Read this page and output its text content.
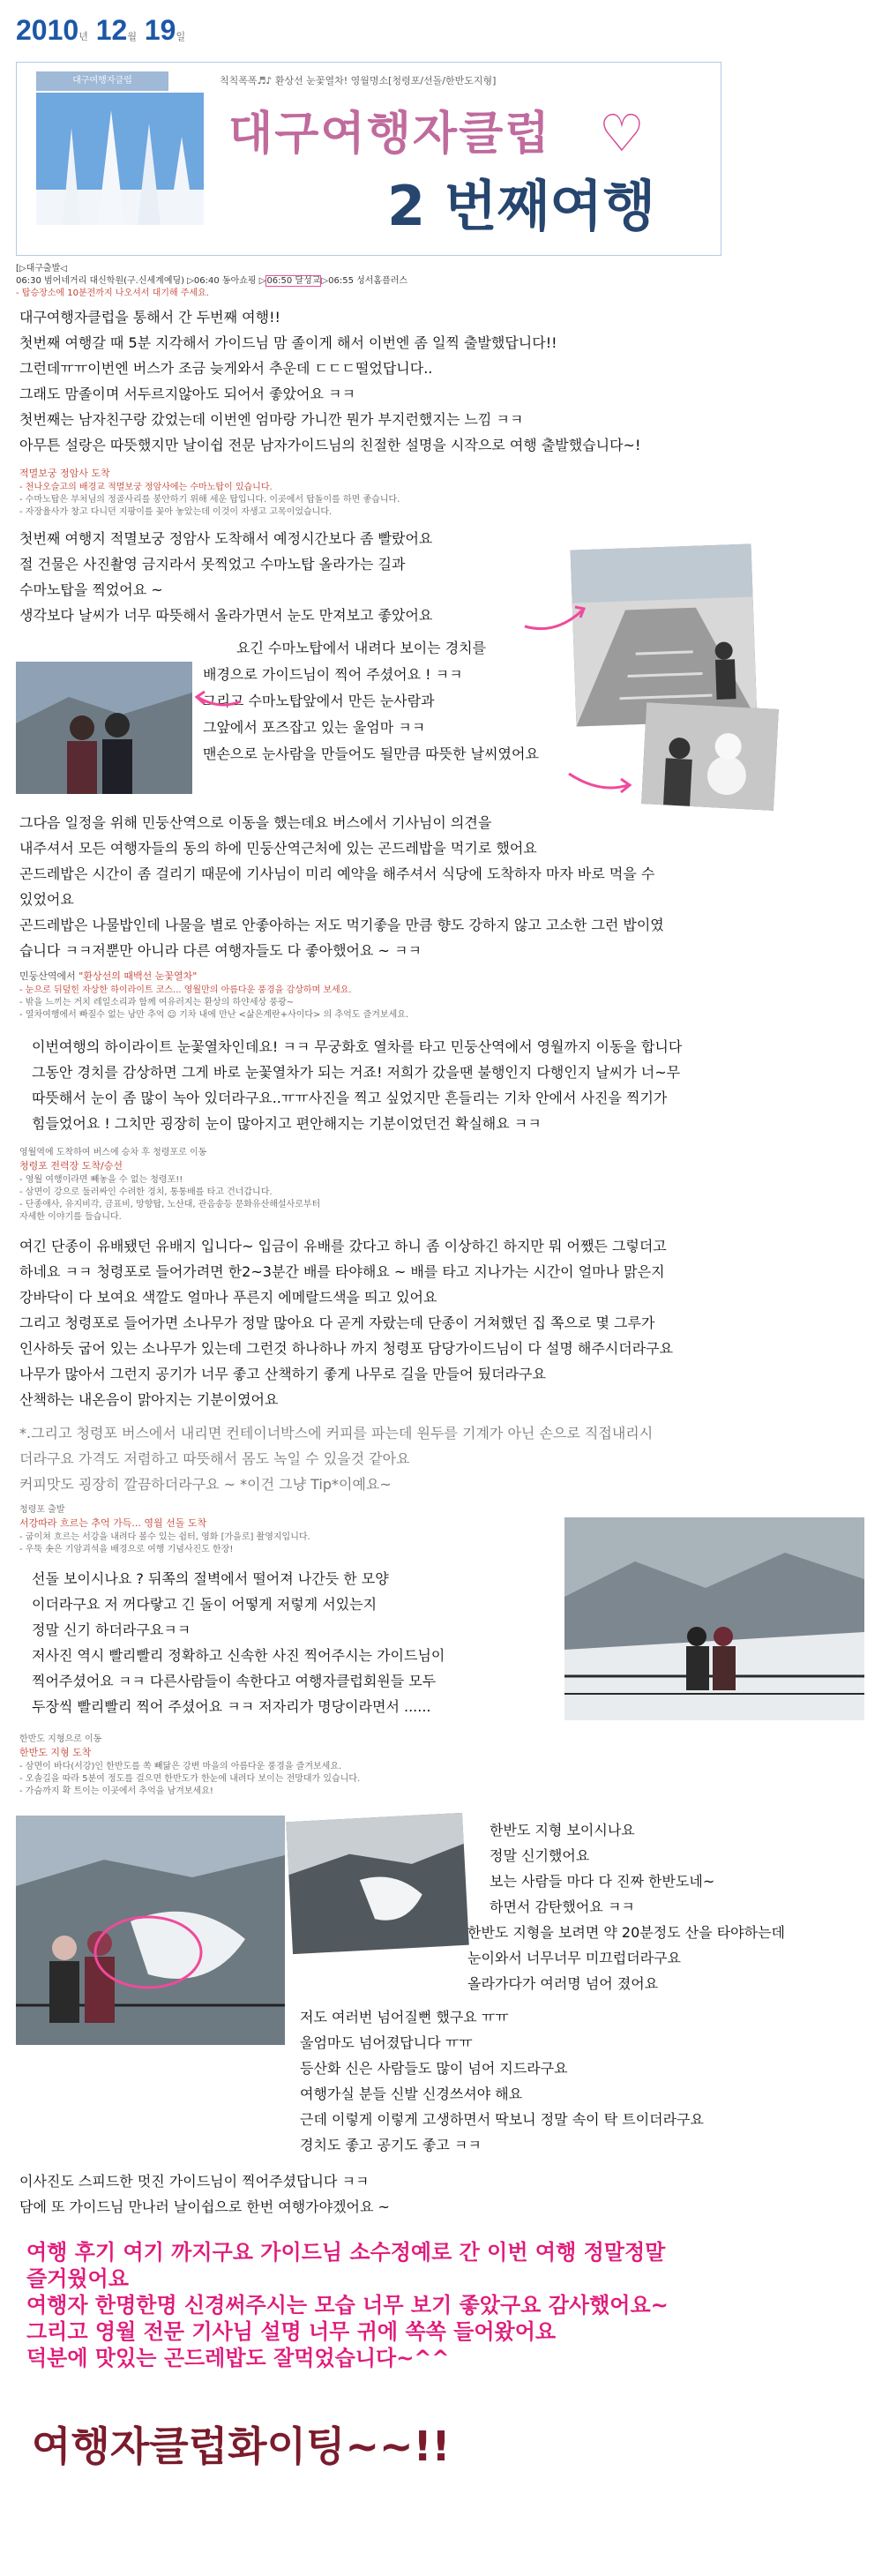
2010년 12월 19일
대구여행자클럽	칙칙폭폭♬♪ 환상선 눈꽃열차! 영월명소[청령포/선돌/한반도지형]
대구여행자클럽 ♡
2 번째여행
[▷대구출발◁
06:30 범어네거리 대신학원(구.신세계예딩) ▷06:40 동아쇼핑 ▷06:50 달성교▷06:55 성서홈플러스
- 탑승장소에 10분전까지 나오셔서 대기해 주세요.
대구여행자클럽을 통해서 간 두번째 여행!!
첫번째 여행갈 때 5분 지각해서 가이드님 맘 졸이게 해서 이번엔 좀 일찍 출발했답니다!!
그런데ㅠㅠ이번엔 버스가 조금 늦게와서 추운데 ㄷㄷㄷ떨었답니다..
그래도 맘졸이며 서두르지않아도 되어서 좋았어요 ㅋㅋ
첫번째는 남자친구랑 갔었는데 이번엔 엄마랑 가니깐 뭔가 부지런했지는 느낌 ㅋㅋ
아무튼 설랑은 따뜻했지만 날이쉽 전문 남자가이드님의 친절한 설명을 시작으로 여행 출발했습니다~!
적멸보궁 정암사 도착
- 천나오슬고의 배경교 적멸보궁 정암사에는 수마노탑이 있습니다.
- 수마노탑은 부처님의 정골사리를 봉안하기 위해 세운 탑입니다. 이곳에서 탑돌이를 하면 좋습니다.
- 자장율사가 창고 다니던 지팡이를 꽂아 놓았는데 이것이 자생고 고목이었습니다.
첫번째 여행지 적멸보궁 정암사 도착해서 예정시간보다 좀 빨랐어요
절 건물은 사진촬영 금지라서 못찍었고 수마노탑 올라가는 길과
수마노탑을 찍었어요 ~
생각보다 날씨가 너무 따뜻해서 올라가면서 눈도 만져보고 좋았어요
요긴 수마노탑에서 내려다 보이는 경치를
배경으로 가이드님이 찍어 주셨어요 ! ㅋㅋ
그리고 수마노탑앞에서 만든 눈사람과
그앞에서 포즈잡고 있는 울엄마 ㅋㅋ
맨손으로 눈사람을 만들어도 될만큼 따뜻한 날씨였어요
그다음 일정을 위해 민둥산역으로 이동을 했는데요 버스에서 기사님이 의견을
내주셔서 모든 여행자들의 동의 하에 민둥산역근처에 있는 곤드레밥을 먹기로 했어요
곤드레밥은 시간이 좀 걸리기 때문에 기사님이 미리 예약을 해주셔서 식당에 도착하자 마자 바로 먹을 수
있었어요
곤드레밥은 나물밥인데 나물을 별로 안좋아하는 저도 먹기좋을 만큼 향도 강하지 않고 고소한 그런 밥이였
습니다 ㅋㅋ저뿐만 아니라 다른 여행자들도 다 좋아했어요 ~ ㅋㅋ
민둥산역에서 "환상선의 때백선 눈꽃열차"
- 눈으로 뒤덮힌 자상한 하이라이트 코스... 영월만의 아름다운 풍경을 감상하며 보세요.
- 밖을 느끼는 거치 레일소리과 함께 여유러지는 환상의 하얀세상 풍광~
- 열차여행에서 빠질수 없는 낭만 추억 ☺ 기차 내에 만난 <삶은계란+사이다> 의 추억도 즐겨보세요.
이번여행의 하이라이트 눈꽃열차인데요! ㅋㅋ 무궁화호 열차를 타고 민둥산역에서 영월까지 이동을 합니다
그동안 경치를 감상하면 그게 바로 눈꽃열차가 되는 거죠! 저희가 갔을땐 불행인지 다행인지 날씨가 너~무
따뜻해서 눈이 좀 많이 녹아 있더라구요..ㅠㅠ사진을 찍고 싶었지만 흔들리는 기차 안에서 사진을 찍기가
힘들었어요 ! 그치만 굉장히 눈이 많아지고 편안해지는 기분이었던건 확실해요 ㅋㅋ
영월역에 도착하여 버스에 승차 후 청령포로 이동
청령포 전력장 도착/승선
- 영월 여행이라면 빼놓을 수 없는 청령포!!
- 삼면이 강으로 둘러싸인 수려한 경치, 통통배를 타고 건너갑니다.
- 단종애사, 유지비각, 금표비, 망향탑, 노산대, 관음송등 문화유산해설사로부터
자세한 이야기를 들습니다.
여긴 단종이 유배됐던 유배지 입니다~ 입금이 유배를 갔다고 하니 좀 이상하긴 하지만 뭐 어쨌든 그렇더고
하네요 ㅋㅋ 청령포로 들어가려면 한2~3분간 배를 타야해요 ~ 배를 타고 지나가는 시간이 얼마나 맑은지
강바닥이 다 보여요 색깔도 얼마나 푸른지 에메랄드색을 띄고 있어요
그리고 청령포로 들어가면 소나무가 정말 많아요 다 곧게 자랐는데 단종이 거쳐했던 집 쪽으로 몇 그루가
인사하듯 굽어 있는 소나무가 있는데 그런것 하나하나 까지 청령포 담당가이드님이 다 설명 해주시더라구요
나무가 많아서 그런지 공기가 너무 좋고 산책하기 좋게 나무로 길을 만들어 뒀더라구요
산책하는 내온음이 맑아지는 기분이였어요
*.그리고 청령포 버스에서 내리면 컨테이너박스에 커피를 파는데 원두를 기계가 아닌 손으로 직접내리시
더라구요 가격도 저렴하고 따뜻해서 몸도 녹일 수 있을것 같아요
커피맛도 굉장히 깔끔하더라구요 ~ *이건 그냥 Tip*이예요~
청령포 출발
서강따라 흐르는 추억 가득... 영월 선돌 도착
- 굽이쳐 흐르는 서강을 내려다 볼수 있는 쉼터, 영화 [가을로] 촬영지입니다.
- 우뚝 솟은 기암괴석을 배경으로 여행 기념사진도 한장!
선돌 보이시나요 ? 뒤쪽의 절벽에서 떨어져 나간듯 한 모양
이더라구요 저 꺼다랗고 긴 돌이 어떻게 저렇게 서있는지
정말 신기 하더라구요ㅋㅋ
저사진 역시 빨리빨리 정확하고 신속한 사진 찍어주시는 가이드님이
찍어주셨어요 ㅋㅋ 다른사람들이 속한다고 여행자클럽회원들 모두
두장씩 빨리빨리 찍어 주셨어요 ㅋㅋ 저자리가 명당이라면서 ......
한반도 지형으로 이동
한반도 지형 도착
- 삼면이 바다(서강)인 한반도를 쏙 빼닮은 강변 마을의 아름다운 풍경을 즐겨보세요.
- 오솔길을 따라 5분여 정도를 걸으면 한반도가 한눈에 내려다 보이는 전망대가 있습니다.
- 가슴까지 확 트이는 이곳에서 추억을 남겨보세요!
한반도 지형 보이시나요
정말 신기했어요
보는 사람들 마다 다 진짜 한반도네~
하면서 감탄했어요 ㅋㅋ
한반도 지형을 보려면 약 20분정도 산을 타야하는데
눈이와서 너무너무 미끄럽더라구요
올라가다가 여러명 넘어 졌어요
저도 여러번 넘어질뻔 했구요 ㅠㅠ
울엄마도 넘어졌답니다 ㅠㅠ
등산화 신은 사람들도 많이 넘어 지드라구요
여행가실 분들 신발 신경쓰셔야 해요
근데 이렇게 이렇게 고생하면서 딱보니 정말 속이 탁 트이더라구요
경치도 좋고 공기도 좋고 ㅋㅋ
이사진도 스피드한 멋진 가이드님이 찍어주셨답니다 ㅋㅋ
담에 또 가이드님 만나러 날이쉽으로 한번 여행가야겠어요 ~
여행 후기 여기 까지구요 가이드님 소수정예로 간 이번 여행 정말정말
즐거웠어요
여행자 한명한명 신경써주시는 모습 너무 보기 좋았구요 감사했어요~
그리고 영월 전문 기사님 설명 너무 귀에 쏙쏙 들어왔어요
덕분에 맛있는 곤드레밥도 잘먹었습니다~^^
여행자클럽화이팅~~!!
